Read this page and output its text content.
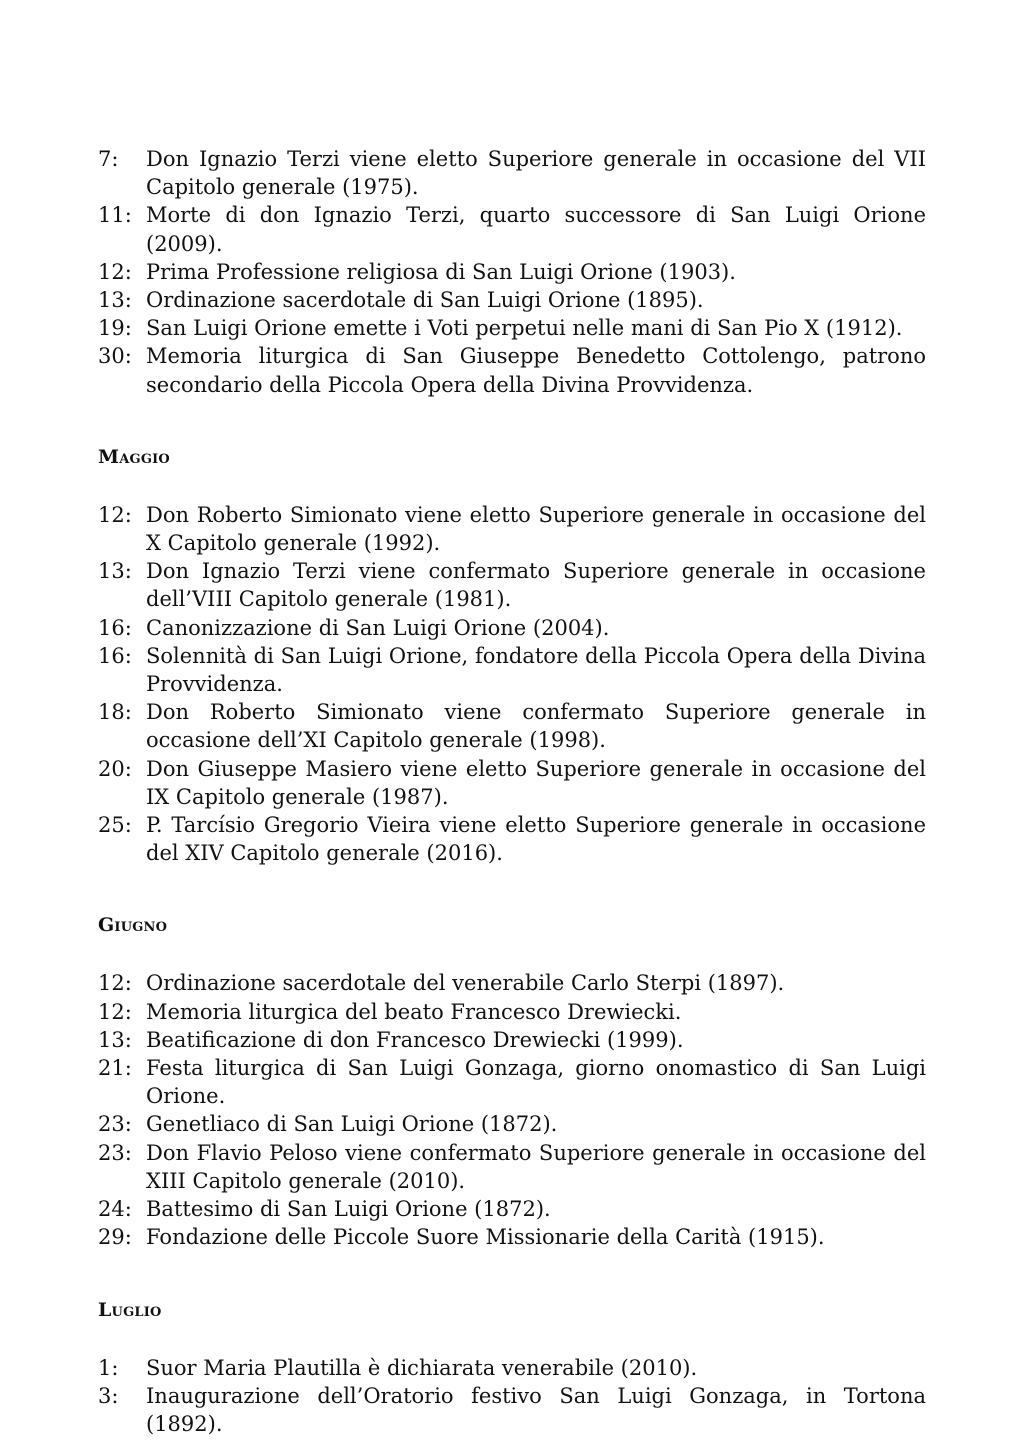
7:	Don Ignazio Terzi viene eletto Superiore generale in occasione del VII Capitolo generale (1975).
11: Morte di don Ignazio Terzi, quarto successore di San Luigi Orione (2009).
12: Prima Professione religiosa di San Luigi Orione (1903).
13: Ordinazione sacerdotale di San Luigi Orione (1895).
19: San Luigi Orione emette i Voti perpetui nelle mani di San Pio X (1912).
30: Memoria liturgica di San Giuseppe Benedetto Cottolengo, patrono secondario della Piccola Opera della Divina Provvidenza.
Maggio
12: Don Roberto Simionato viene eletto Superiore generale in occasione del X Capitolo generale (1992).
13: Don Ignazio Terzi viene confermato Superiore generale in occasione dell’VIII Capitolo generale (1981).
16: Canonizzazione di San Luigi Orione (2004).
16: Solennità di San Luigi Orione, fondatore della Piccola Opera della Divina Provvidenza.
18: Don Roberto Simionato viene confermato Superiore generale in occasione dell’XI Capitolo generale (1998).
20: Don Giuseppe Masiero viene eletto Superiore generale in occasione del IX Capitolo generale (1987).
25: P. Tarcísio Gregorio Vieira viene eletto Superiore generale in occasione del XIV Capitolo generale (2016).
Giugno
12: Ordinazione sacerdotale del venerabile Carlo Sterpi (1897).
12: Memoria liturgica del beato Francesco Drewiecki.
13: Beatificazione di don Francesco Drewiecki (1999).
21: Festa liturgica di San Luigi Gonzaga, giorno onomastico di San Luigi Orione.
23: Genetliaco di San Luigi Orione (1872).
23: Don Flavio Peloso viene confermato Superiore generale in occasione del XIII Capitolo generale (2010).
24: Battesimo di San Luigi Orione (1872).
29: Fondazione delle Piccole Suore Missionarie della Carità (1915).
Luglio
1:	Suor Maria Plautilla è dichiarata venerabile (2010).
3:	Inaugurazione dell’Oratorio festivo San Luigi Gonzaga, in Tortona (1892).
